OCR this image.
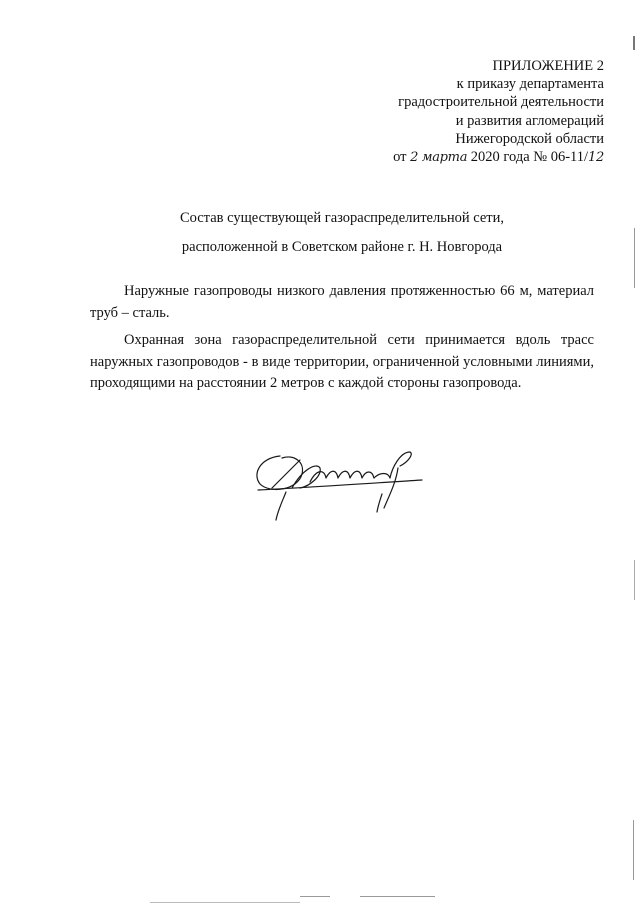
ПРИЛОЖЕНИЕ 2
к приказу департамента
градостроительной деятельности
и развития агломераций
Нижегородской области
от 2 марта 2020 года № 06-11/12
Состав существующей газораспределительной сети,
расположенной в Советском районе г. Н. Новгорода

Наружные газопроводы низкого давления протяженностью 66 м, материал труб – сталь.

Охранная зона газораспределительной сети принимается вдоль трасс наружных газопроводов - в виде территории, ограниченной условными линиями, проходящими на расстоянии 2 метров с каждой стороны газопровода.
